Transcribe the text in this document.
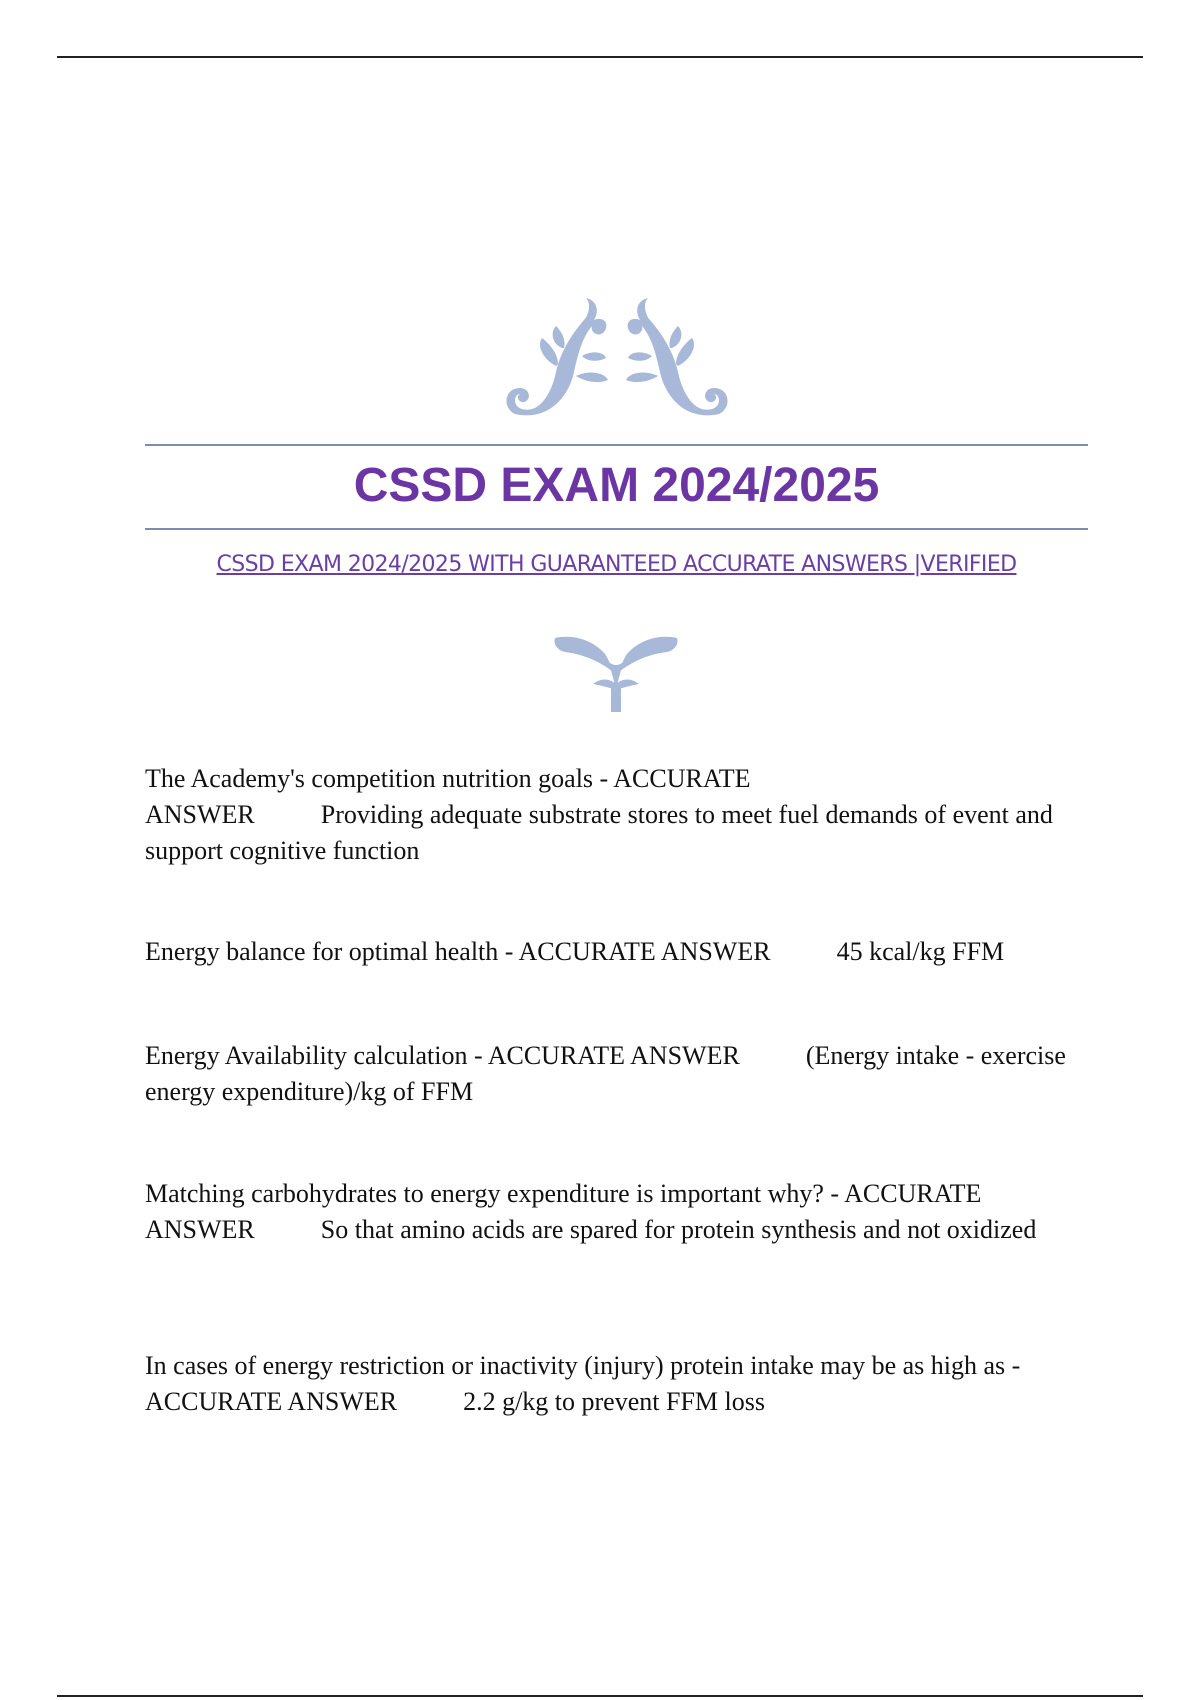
CSSD EXAM 2024/2025
CSSD EXAM 2024/2025 WITH GUARANTEED ACCURATE ANSWERS |VERIFIED

The Academy's competition nutrition goals - ACCURATE
ANSWER	Providing adequate substrate stores to meet fuel demands of event and support cognitive function

Energy balance for optimal health - ACCURATE ANSWER	45 kcal/kg FFM

Energy Availability calculation - ACCURATE ANSWER	(Energy intake - exercise energy expenditure)/kg of FFM

Matching carbohydrates to energy expenditure is important why? - ACCURATE
ANSWER	So that amino acids are spared for protein synthesis and not oxidized

In cases of energy restriction or inactivity (injury) protein intake may be as high as - ACCURATE ANSWER	2.2 g/kg to prevent FFM loss
